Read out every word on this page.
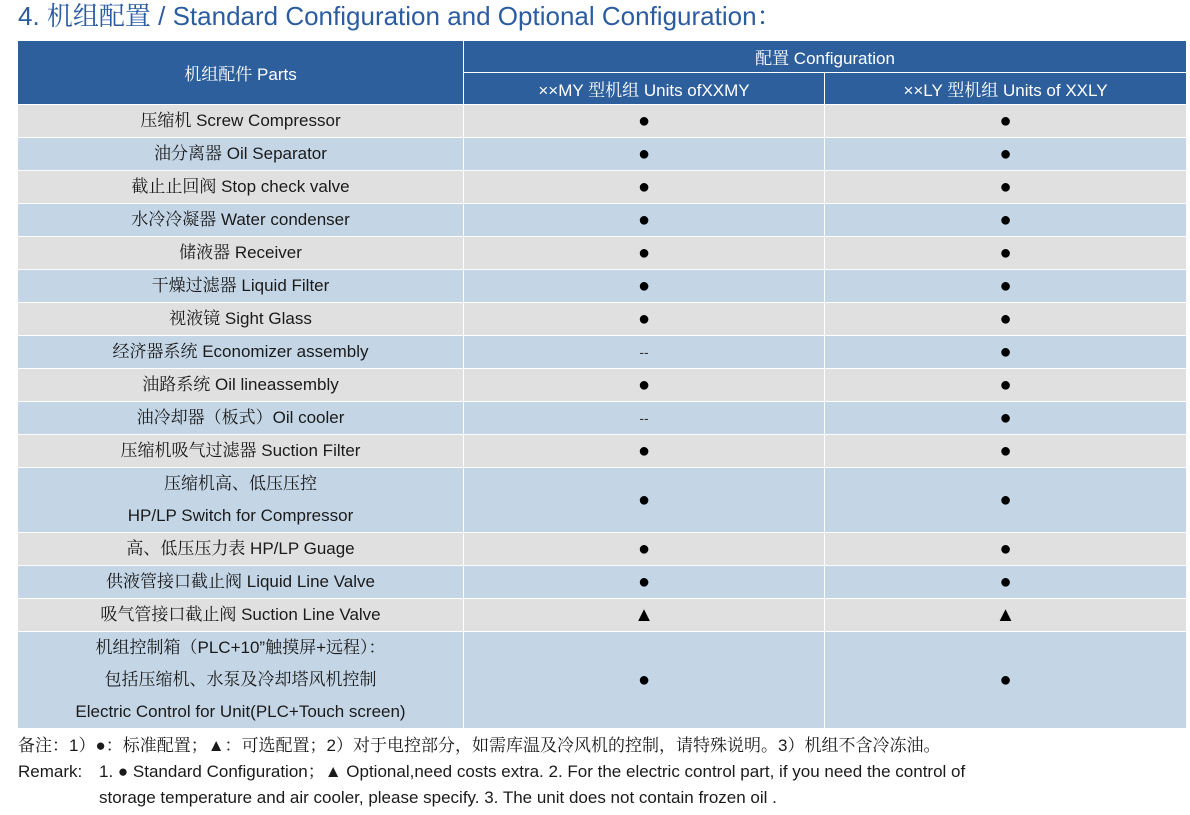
4. 机组配置 / Standard Configuration and Optional Configuration：
机组配件 Parts	配置 Configuration	
	××MY 型机组 Units ofXXMY	××LY 型机组 Units of XXLY

压缩机 Screw Compressor	●	●

油分离器 Oil Separator	●	●

截止止回阀 Stop check valve	●	●

水冷冷凝器 Water condenser	●	●

储液器 Receiver	●	●

干燥过滤器 Liquid Filter	●	●

视液镜 Sight Glass	●	●

经济器系统 Economizer assembly	--	●

油路系统 Oil lineassembly	●	●

油冷却器（板式）Oil cooler	--	●

压缩机吸气过滤器 Suction Filter	●	●

压缩机高、低压压控
HP/LP Switch for Compressor	●	●

高、低压压力表 HP/LP Guage	●	●

供液管接口截止阀 Liquid Line Valve	●	●

吸气管接口截止阀 Suction Line Valve	▲	▲

机组控制箱（PLC+10”触摸屏+远程）：
包括压缩机、水泵及冷却塔风机控制
Electric Control for Unit(PLC+Touch screen)	●	●
备注：1）●：标准配置；▲：可选配置；2）对于电控部分，如需库温及冷风机的控制，请特殊说明。3）机组不含冷冻油。
Remark: 1. ● Standard Configuration；▲ Optional,need costs extra. 2. For the electric control part, if you need the control of
storage temperature and air cooler, please specify. 3. The unit does not contain frozen oil .
